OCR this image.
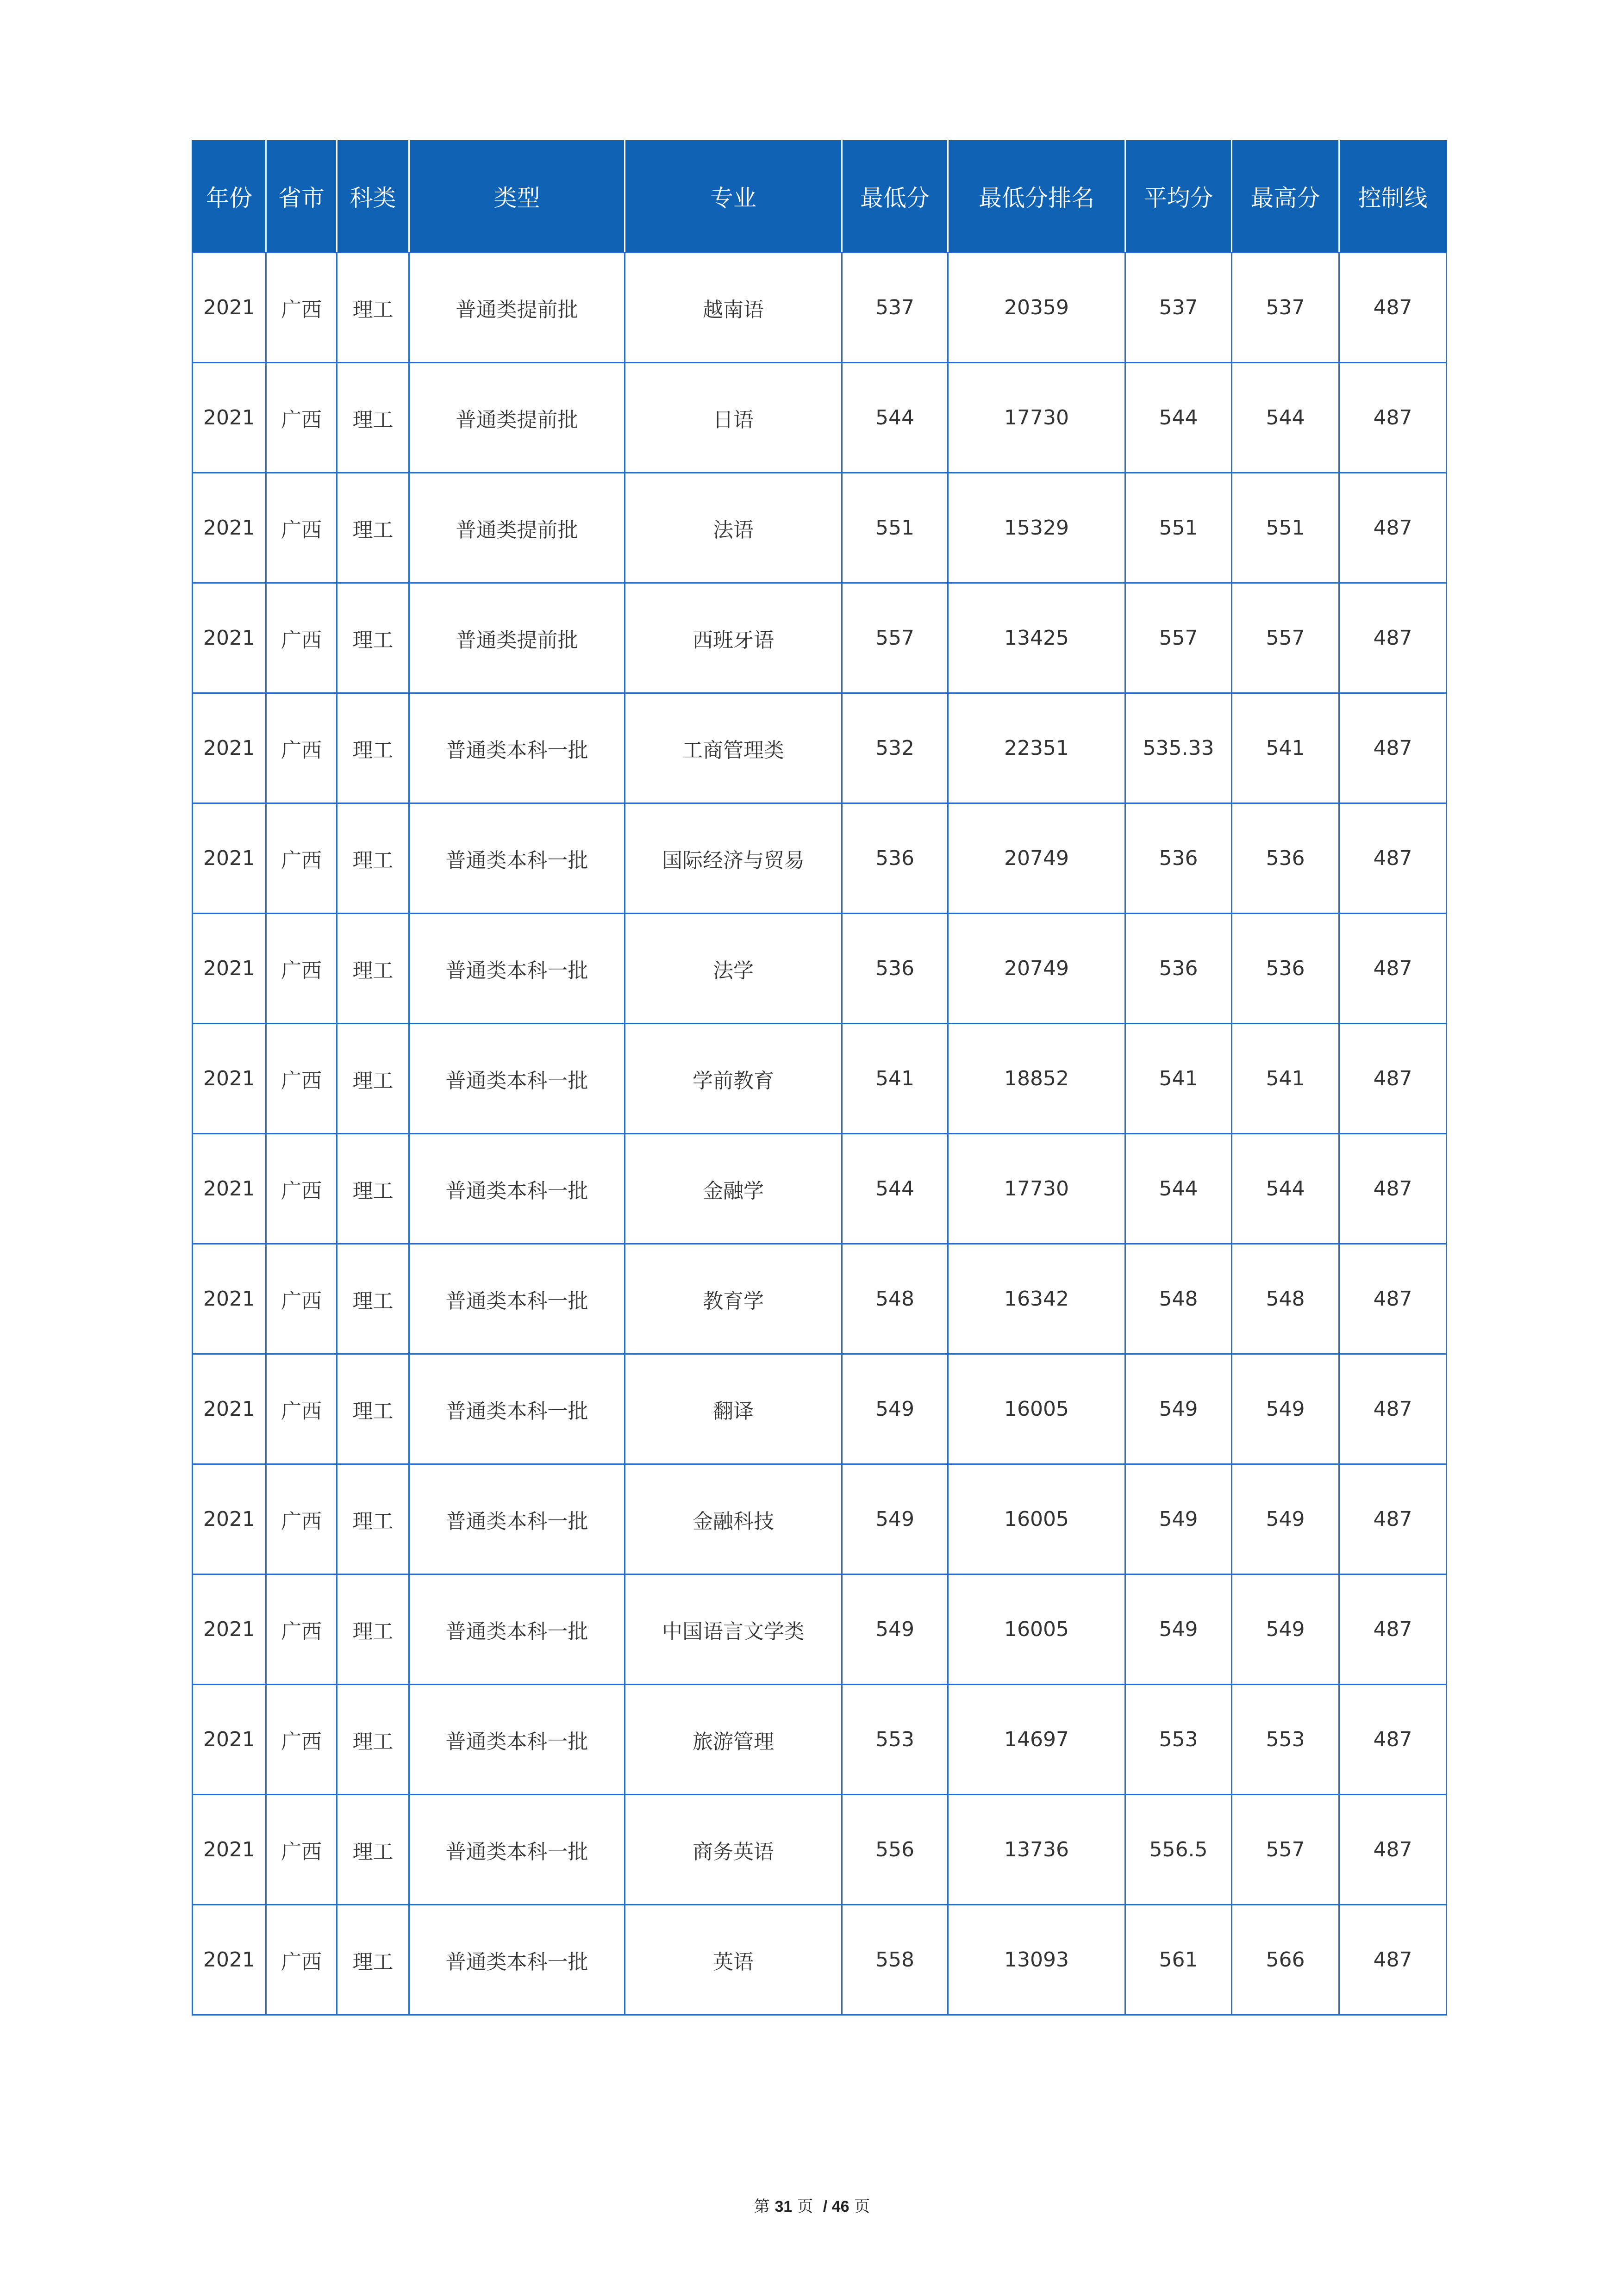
年份	省市	科类	类型	专业	最低分	最低分排名	平均分	最高分	控制线
2021	广西	理工	普通类提前批	越南语	537	20359	537	537	487
2021	广西	理工	普通类提前批	日语	544	17730	544	544	487
2021	广西	理工	普通类提前批	法语	551	15329	551	551	487
2021	广西	理工	普通类提前批	西班牙语	557	13425	557	557	487
2021	广西	理工	普通类本科一批	工商管理类	532	22351	535.33	541	487
2021	广西	理工	普通类本科一批	国际经济与贸易	536	20749	536	536	487
2021	广西	理工	普通类本科一批	法学	536	20749	536	536	487
2021	广西	理工	普通类本科一批	学前教育	541	18852	541	541	487
2021	广西	理工	普通类本科一批	金融学	544	17730	544	544	487
2021	广西	理工	普通类本科一批	教育学	548	16342	548	548	487
2021	广西	理工	普通类本科一批	翻译	549	16005	549	549	487
2021	广西	理工	普通类本科一批	金融科技	549	16005	549	549	487
2021	广西	理工	普通类本科一批	中国语言文学类	549	16005	549	549	487
2021	广西	理工	普通类本科一批	旅游管理	553	14697	553	553	487
2021	广西	理工	普通类本科一批	商务英语	556	13736	556.5	557	487
2021	广西	理工	普通类本科一批	英语	558	13093	561	566	487
第 31 页 / 46 页
